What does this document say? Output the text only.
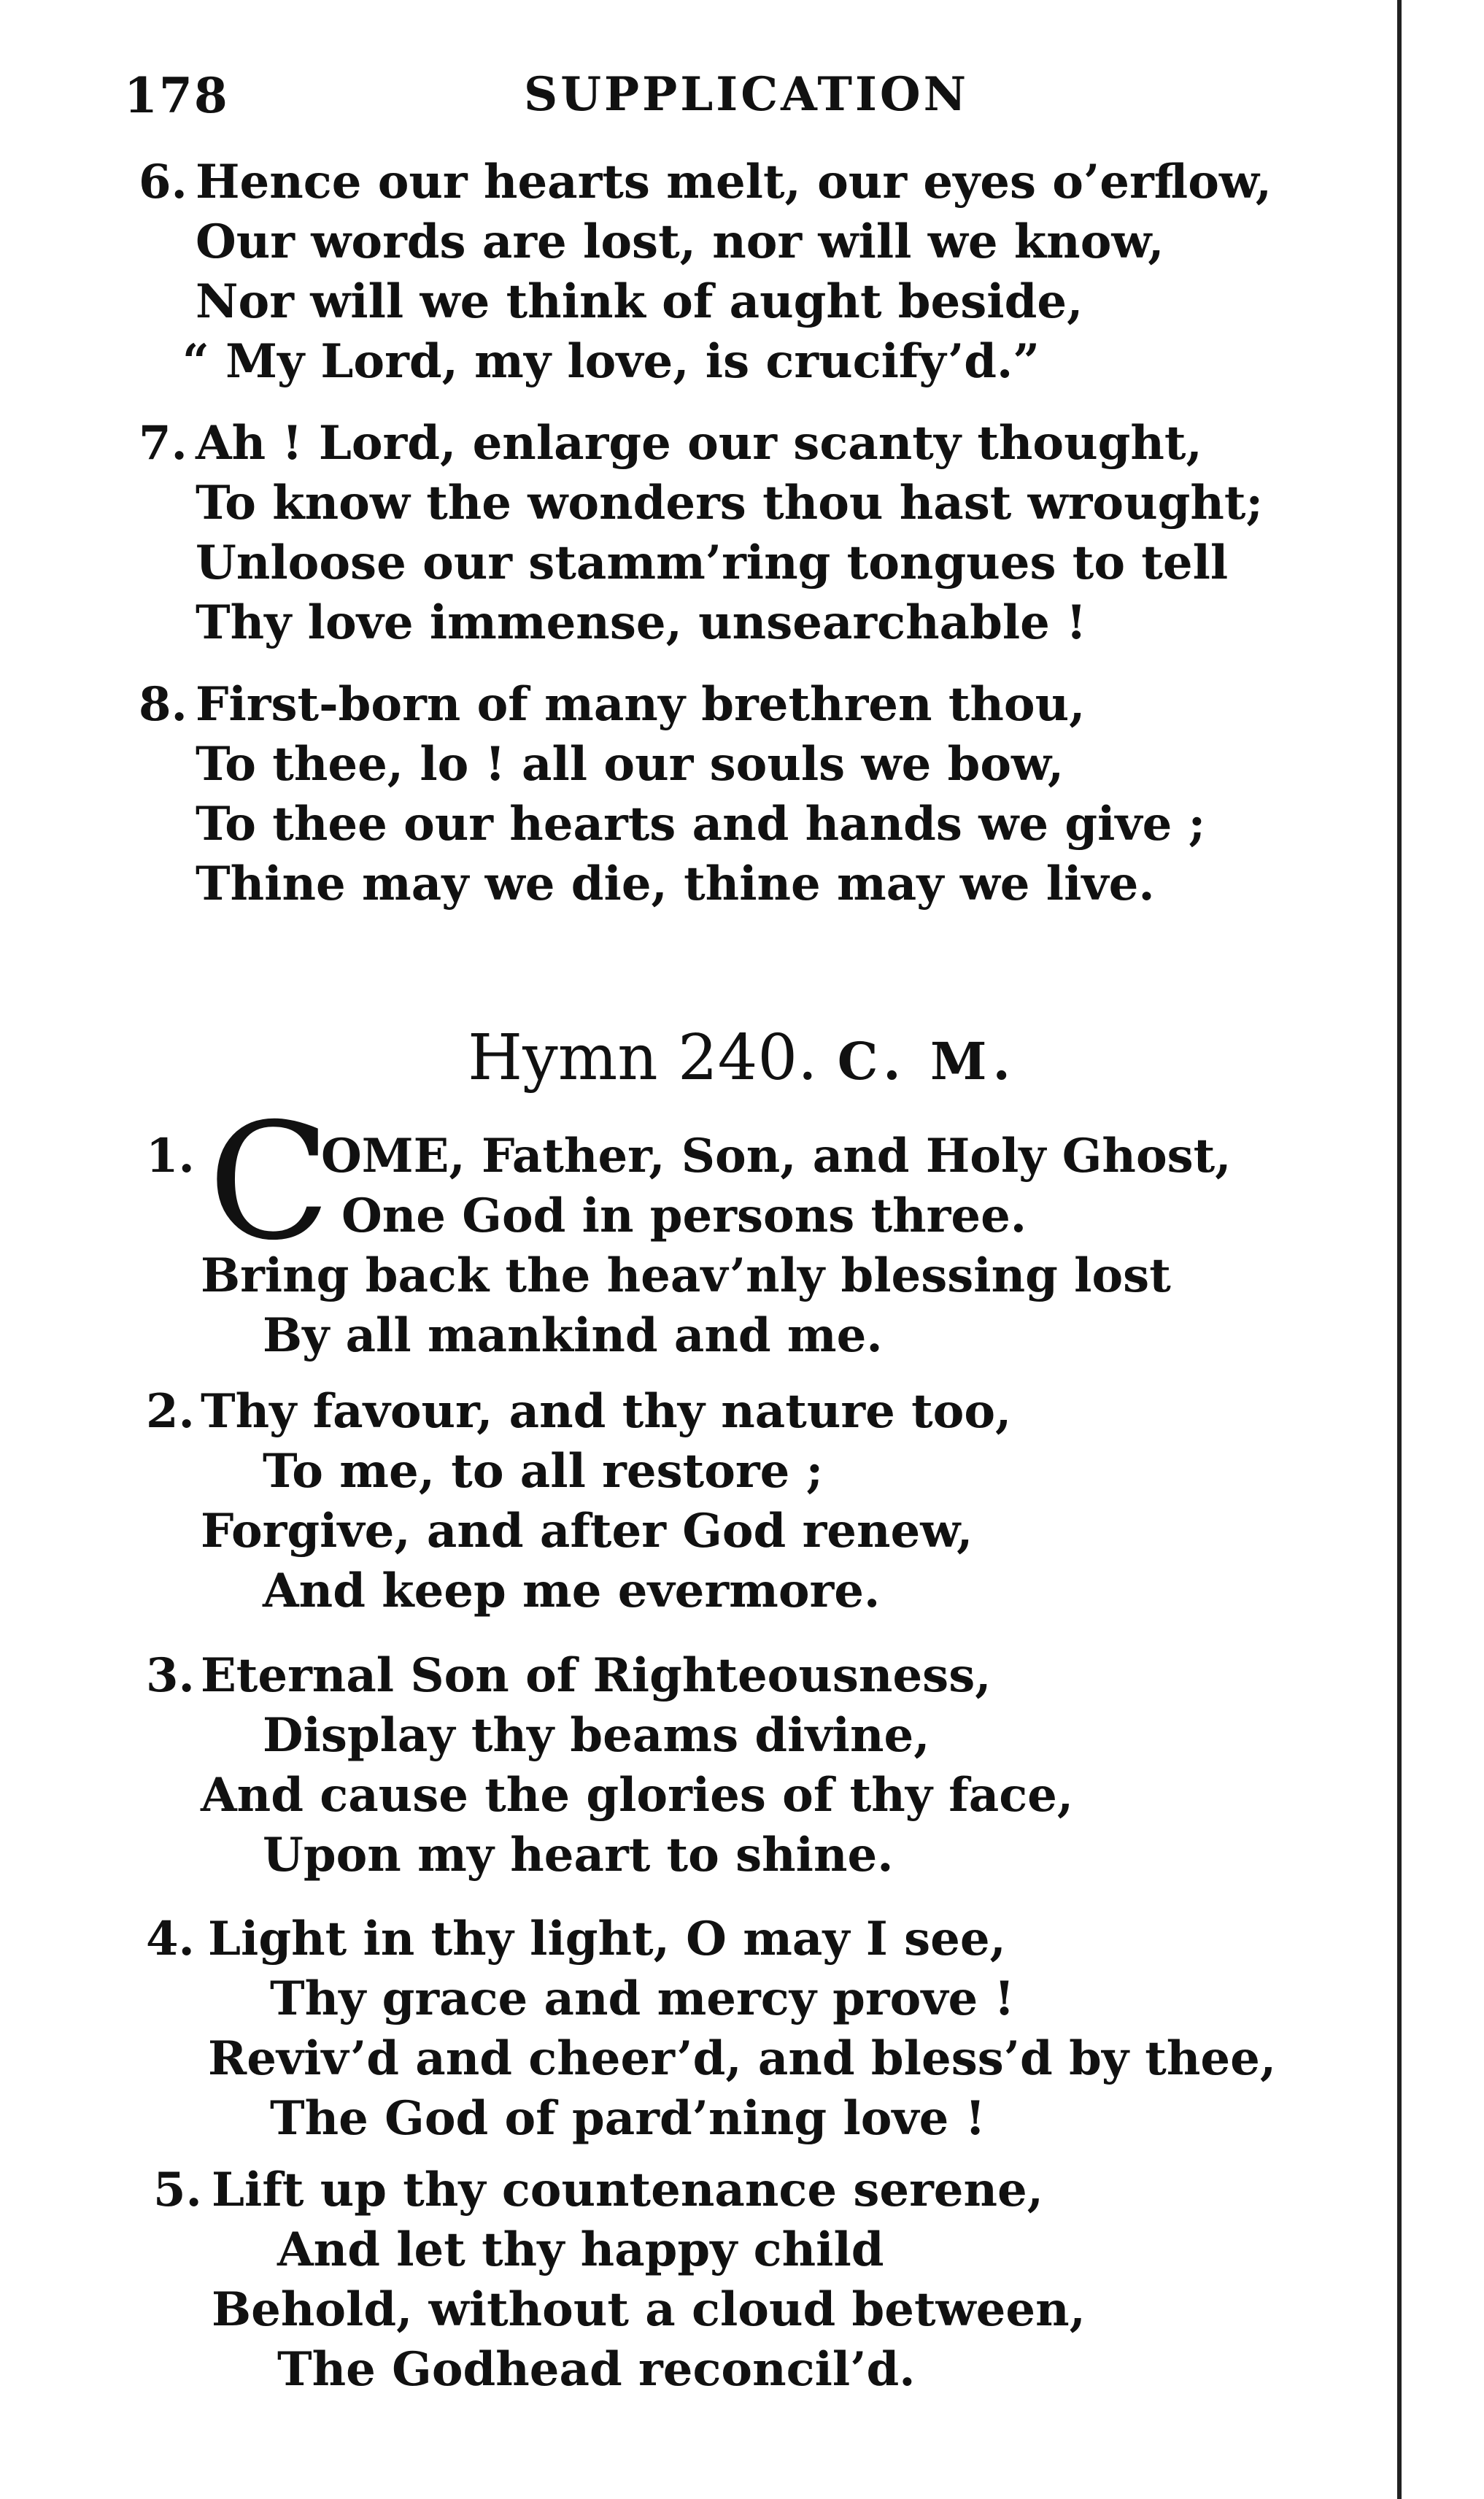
178	SUPPLICATION
6. Hence our hearts melt, our eyes o’erflow,
Our words are lost, nor will we know,
Nor will we think of aught beside,
“ My Lord, my love, is crucify’d.”
7. Ah ! Lord, enlarge our scanty thought,
To know the wonders thou hast wrought;
Unloose our stamm’ring tongues to tell
Thy love immense, unsearchable !
8. First-born of many brethren thou,
To thee, lo ! all our souls we bow,
To thee our hearts and hands we give ;
Thine may we die, thine may we live.
Hymn 240. C. M.
1. C
OME, Father, Son, and Holy Ghost,
One God in persons three.
Bring back the heav’nly blessing lost
By all mankind and me.
2. Thy favour, and thy nature too,
To me, to all restore ;
Forgive, and after God renew,
And keep me evermore.
3. Eternal Son of Righteousness,
Display thy beams divine,
And cause the glories of thy face,
Upon my heart to shine.
4. Light in thy light, O may I see,
Thy grace and mercy prove !
Reviv’d and cheer’d, and bless’d by thee,
The God of pard’ning love !
5. Lift up thy countenance serene,
And let thy happy child
Behold, without a cloud between,
The Godhead reconcil’d.
